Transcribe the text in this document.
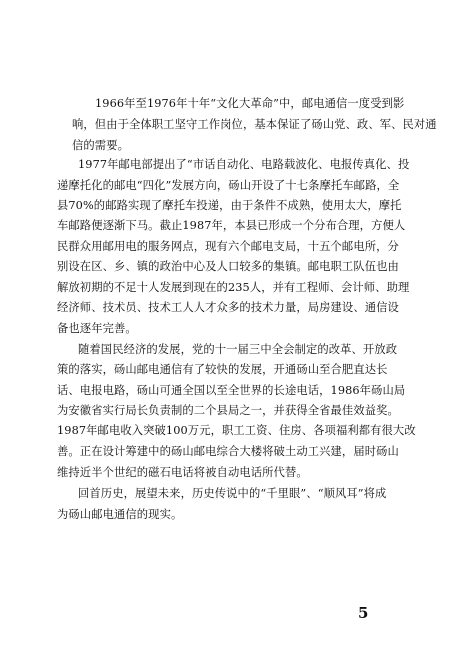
1966年至1976年十年“文化大革命”中，邮电通信一度受到影
响，但由于全体职工坚守工作岗位，基本保证了砀山党、政、军、民对通
信的需要。
1977年邮电部提出了“市话自动化、电路载波化、电报传真化、投
递摩托化的邮电“四化”发展方向，砀山开设了十七条摩托车邮路，全
县70%的邮路实现了摩托车投递，由于条件不成熟，使用太大，摩托
车邮路便逐渐下马。截止1987年，本县已形成一个分布合理，方便人
民群众用邮用电的服务网点，现有六个邮电支局，十五个邮电所，分
别设在区、乡、镇的政治中心及人口较多的集镇。邮电职工队伍也由
解放初期的不足十人发展到现在的235人，并有工程师、会计师、助理
经济师、技术员、技术工人人才众多的技术力量，局房建设、通信设
备也逐年完善。
随着国民经济的发展，党的十一届三中全会制定的改革、开放政
策的落实，砀山邮电通信有了较快的发展，开通砀山至合肥直达长
话、电报电路，砀山可通全国以至全世界的长途电话，1986年砀山局
为安徽省实行局长负责制的二个县局之一，并获得全省最佳效益奖。
1987年邮电收入突破100万元，职工工资、住房、各项福利都有很大改
善。正在设计筹建中的砀山邮电综合大楼将破土动工兴建，届时砀山
维持近半个世纪的磁石电话将被自动电话所代替。
回首历史，展望未来，历史传说中的“千里眼”、“顺风耳”将成
为砀山邮电通信的现实。
5
